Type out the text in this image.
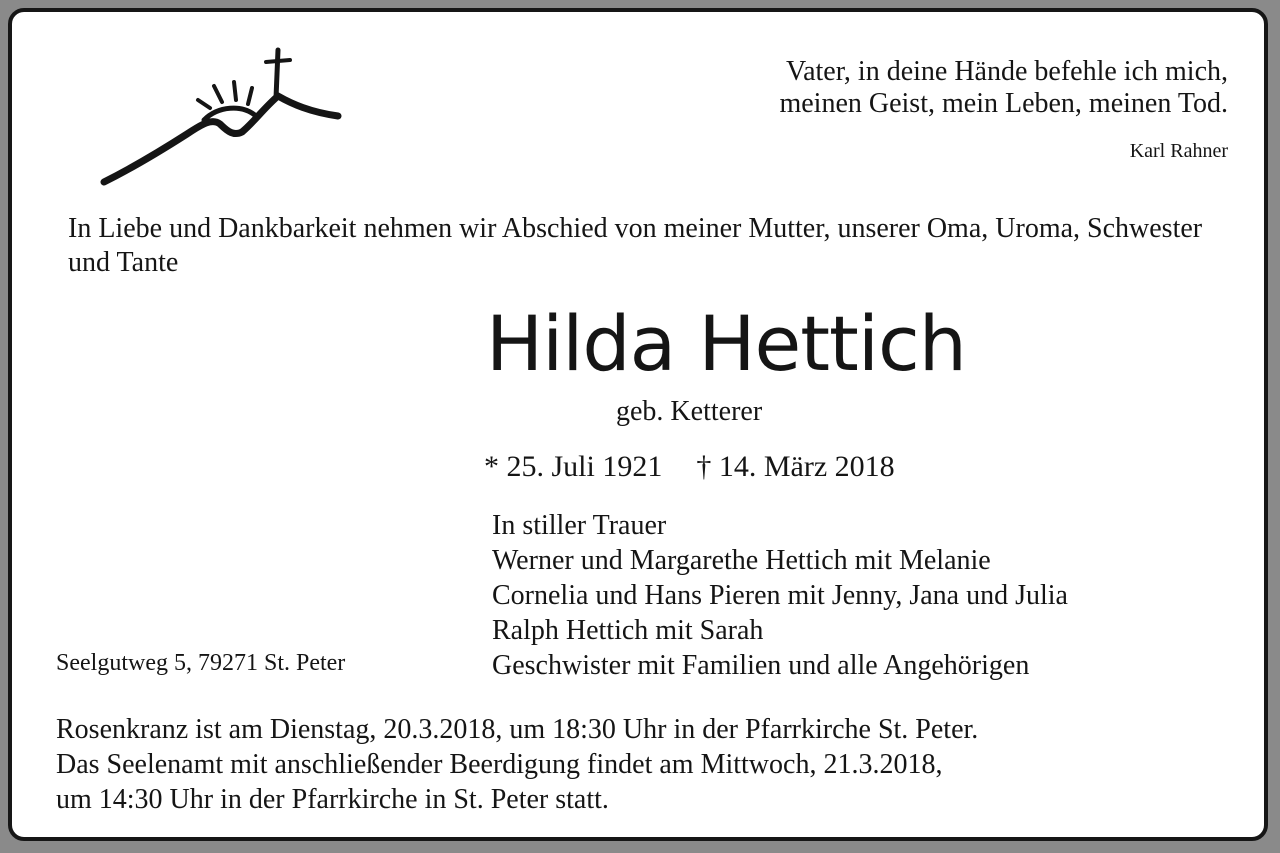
Vater, in deine Hände befehle ich mich,
meinen Geist, mein Leben, meinen Tod.
Karl Rahner
In Liebe und Dankbarkeit nehmen wir Abschied von meiner Mutter, unserer Oma, Uroma, Schwester und Tante
Hilda Hettich
geb. Ketterer
* 25. Juli 1921 † 14. März 2018
In stiller Trauer
Werner und Margarethe Hettich mit Melanie
Cornelia und Hans Pieren mit Jenny, Jana und Julia
Ralph Hettich mit Sarah
Geschwister mit Familien und alle Angehörigen
Seelgutweg 5, 79271 St. Peter
Rosenkranz ist am Dienstag, 20.3.2018, um 18:30 Uhr in der Pfarrkirche St. Peter.
Das Seelenamt mit anschließender Beerdigung findet am Mittwoch, 21.3.2018,
um 14:30 Uhr in der Pfarrkirche in St. Peter statt.
